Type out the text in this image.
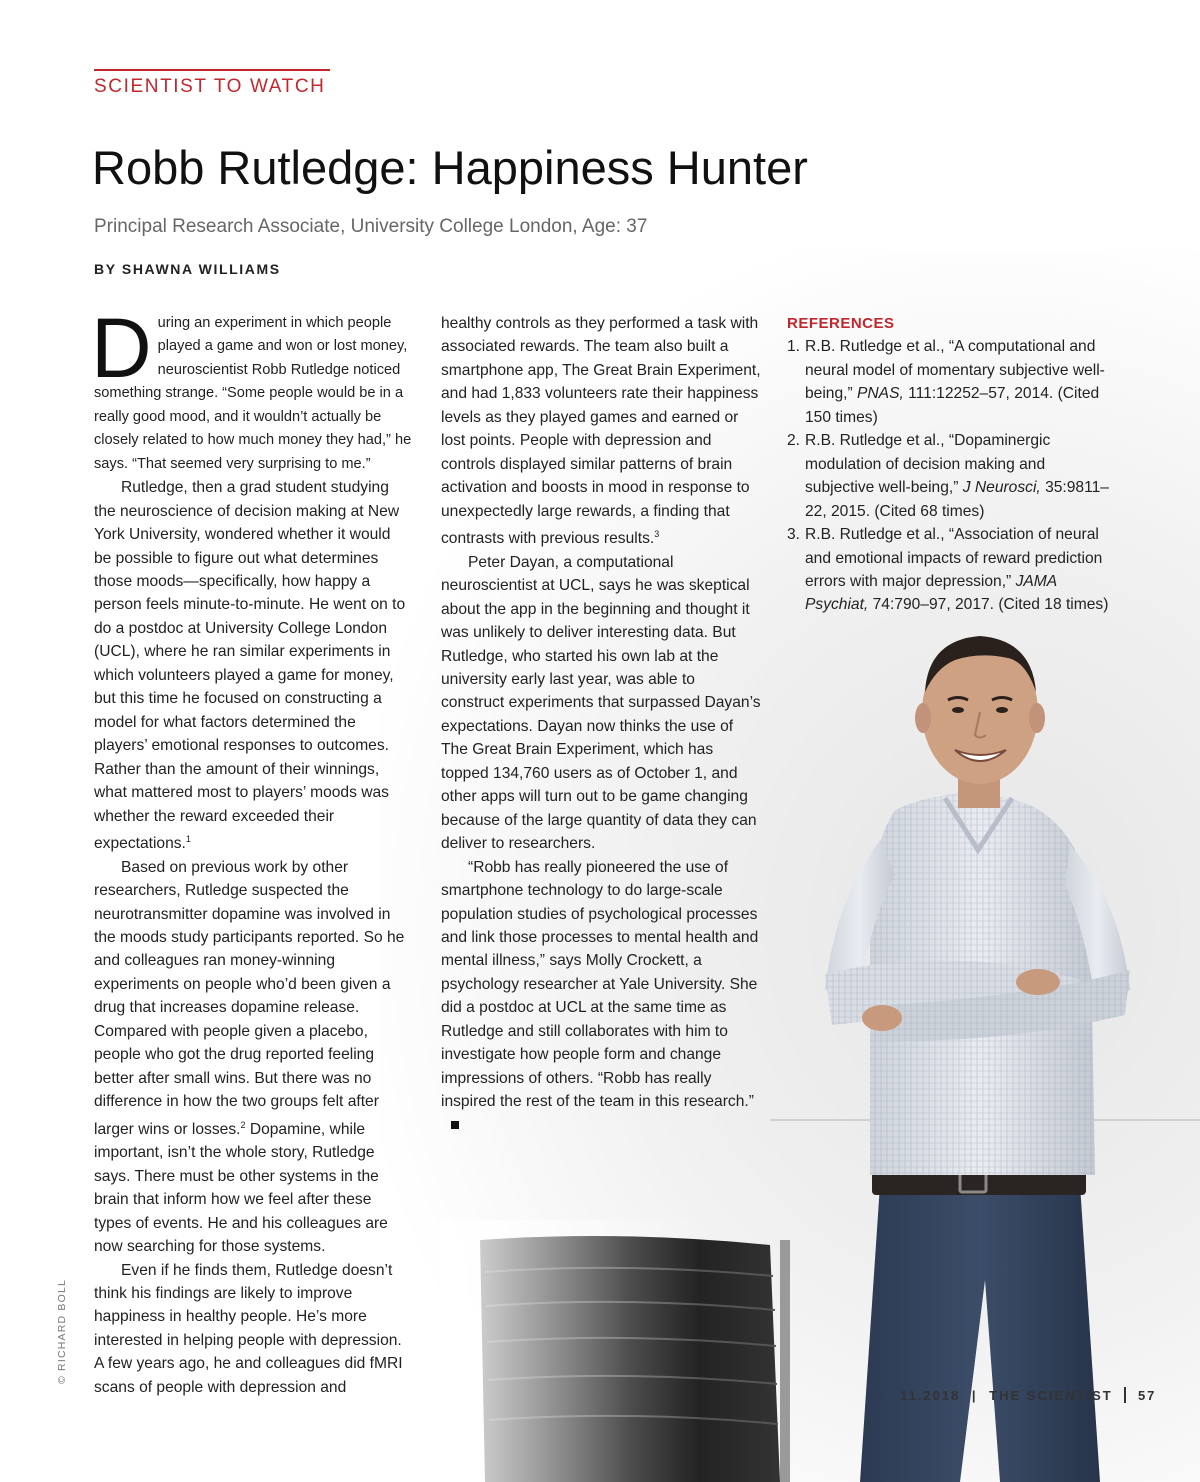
SCIENTIST TO WATCH
Robb Rutledge: Happiness Hunter
Principal Research Associate, University College London, Age: 37
BY SHAWNA WILLIAMS

During an experiment in which people played a game and won or lost money, neuroscientist Robb Rutledge noticed something strange. “Some people would be in a really good mood, and it wouldn’t actually be closely related to how much money they had,” he says. “That seemed very surprising to me.”

Rutledge, then a grad student studying the neuroscience of decision making at New York University, wondered whether it would be possible to figure out what determines those moods—specifically, how happy a person feels minute-to-minute. He went on to do a postdoc at University College London (UCL), where he ran similar experiments in which volunteers played a game for money, but this time he focused on constructing a model for what factors determined the players’ emotional responses to outcomes. Rather than the amount of their winnings, what mattered most to players’ moods was whether the reward exceeded their expectations.$^1$

Based on previous work by other researchers, Rutledge suspected the neurotransmitter dopamine was involved in the moods study participants reported. So he and colleagues ran money-winning experiments on people who’d been given a drug that increases dopamine release. Compared with people given a placebo, people who got the drug reported feeling better after small wins. But there was no difference in how the two groups felt after larger wins or losses.$^2$ Dopamine, while important, isn’t the whole story, Rutledge says. There must be other systems in the brain that inform how we feel after these types of events. He and his colleagues are now searching for those systems.

Even if he finds them, Rutledge doesn’t think his findings are likely to improve happiness in healthy people. He’s more interested in helping people with depression. A few years ago, he and colleagues did fMRI scans of people with depression and

healthy controls as they performed a task with associated rewards. The team also built a smartphone app, The Great Brain Experiment, and had 1,833 volunteers rate their happiness levels as they played games and earned or lost points. People with depression and controls displayed similar patterns of brain activation and boosts in mood in response to unexpectedly large rewards, a finding that contrasts with previous results.$^3$

Peter Dayan, a computational neuroscientist at UCL, says he was skeptical about the app in the beginning and thought it was unlikely to deliver interesting data. But Rutledge, who started his own lab at the university early last year, was able to construct experiments that surpassed Dayan’s expectations. Dayan now thinks the use of The Great Brain Experiment, which has topped 134,760 users as of October 1, and other apps will turn out to be game changing because of the large quantity of data they can deliver to researchers.

“Robb has really pioneered the use of smartphone technology to do large-scale population studies of psychological processes and link those processes to mental health and mental illness,” says Molly Crockett, a psychology researcher at Yale University. She did a postdoc at UCL at the same time as Rutledge and still collaborates with him to investigate how people form and change impressions of others. “Robb has really inspired the rest of the team in this research.”

REFERENCES
1. R.B. Rutledge et al., “A computational and neural model of momentary subjective well-being,” PNAS, 111:12252–57, 2014. (Cited 150 times)
2. R.B. Rutledge et al., “Dopaminergic modulation of decision making and subjective well-being,” J Neurosci, 35:9811–22, 2015. (Cited 68 times)
3. R.B. Rutledge et al., “Association of neural and emotional impacts of reward prediction errors with major depression,” JAMA Psychiat, 74:790–97, 2017. (Cited 18 times)
© RICHARD BOLL
11.2018 | THE SCIENTIST 57
